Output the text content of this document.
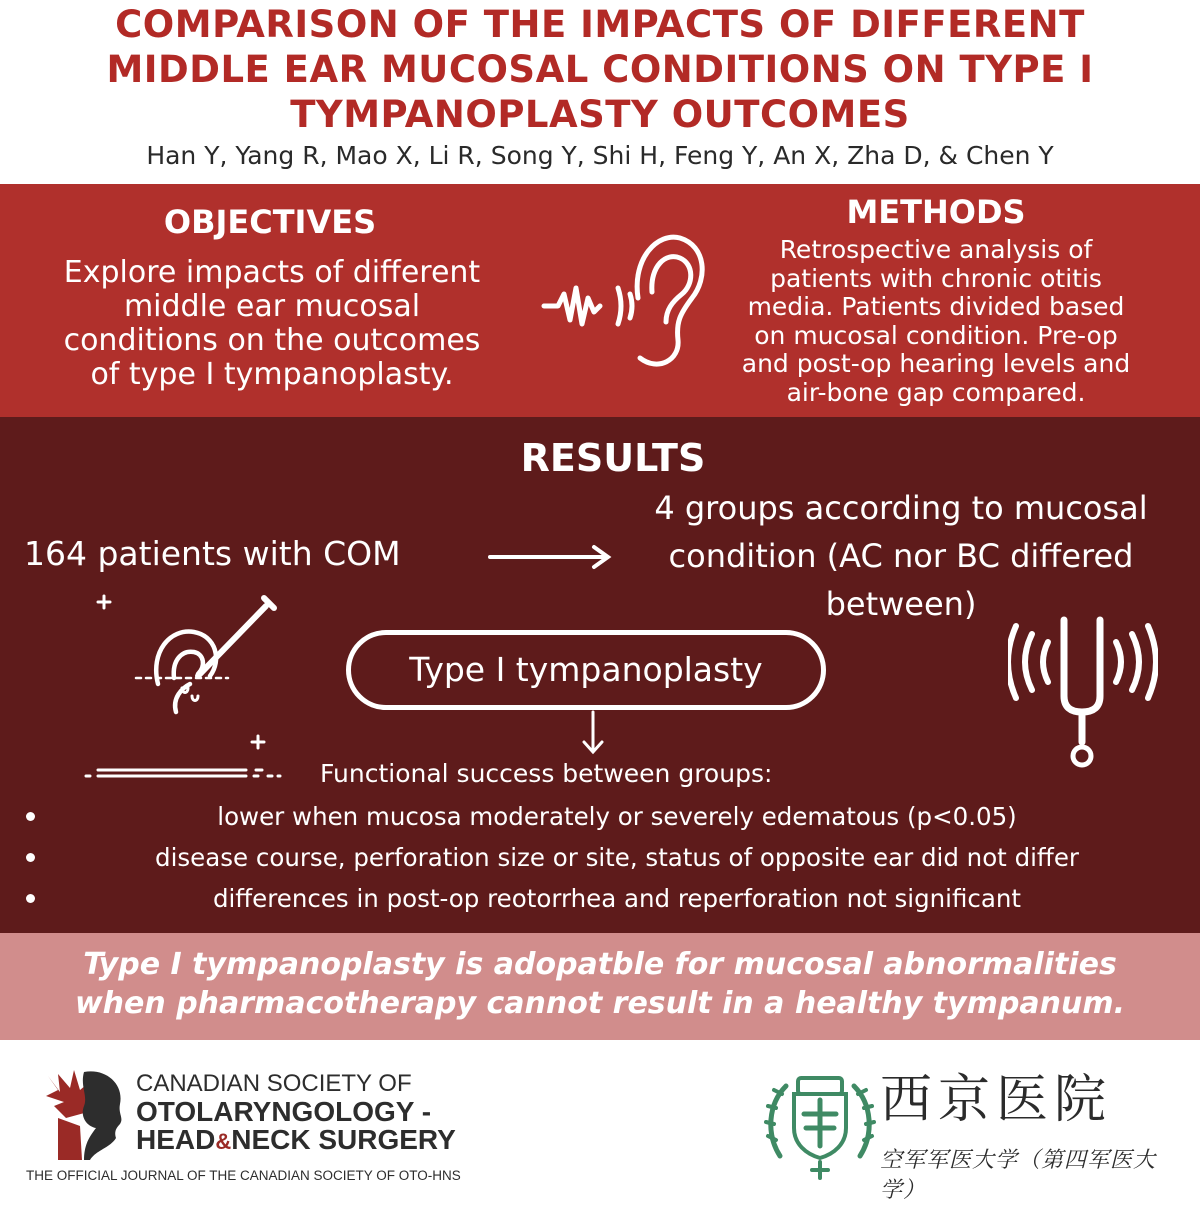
COMPARISON OF THE IMPACTS OF DIFFERENT
MIDDLE EAR MUCOSAL CONDITIONS ON TYPE I
TYMPANOPLASTY OUTCOMES
Han Y, Yang R, Mao X, Li R, Song Y, Shi H, Feng Y, An X, Zha D, & Chen Y
OBJECTIVES
Explore impacts of different
middle ear mucosal
conditions on the outcomes
of type I tympanoplasty.
METHODS
Retrospective analysis of
patients with chronic otitis
media. Patients divided based
on mucosal condition. Pre-op
and post-op hearing levels and
air-bone gap compared.
RESULTS
164 patients with COM
4 groups according to mucosal
condition (AC nor BC differed
between)
Type I tympanoplasty
Functional success between groups:
lower when mucosa moderately or severely edematous (p<0.05)
disease course, perforation size or site, status of opposite ear did not differ
differences in post-op reotorrhea and reperforation not significant
Type I tympanoplasty is adopatble for mucosal abnormalities
when pharmacotherapy cannot result in a healthy tympanum.
CANADIAN SOCIETY OF
OTOLARYNGOLOGY -
HEAD&NECK SURGERY
THE OFFICIAL JOURNAL OF THE CANADIAN SOCIETY OF OTO-HNS
西京医院
空军军医大学（第四军医大学）
